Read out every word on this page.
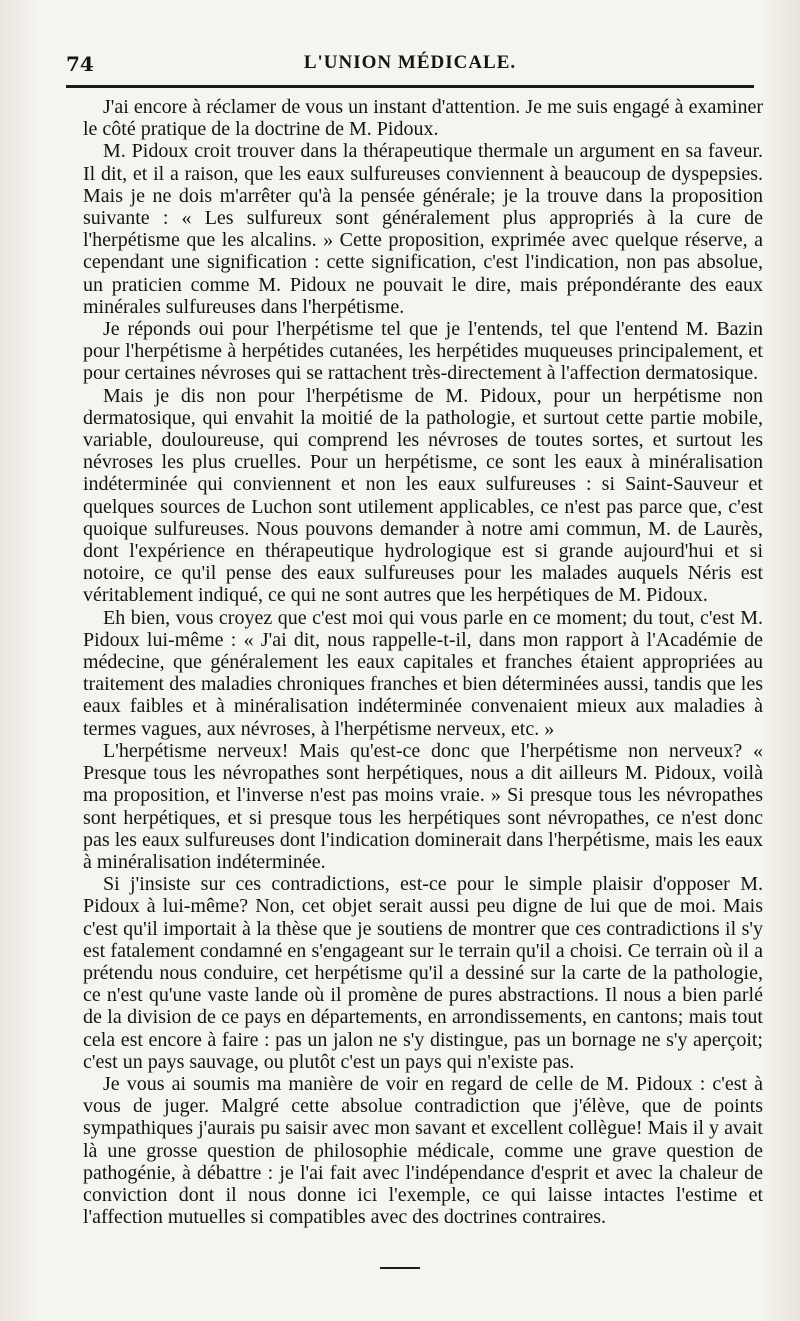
74	L'UNION MÉDICALE.

J'ai encore à réclamer de vous un instant d'attention. Je me suis engagé à examiner le côté pratique de la doctrine de M. Pidoux.

M. Pidoux croit trouver dans la thérapeutique thermale un argument en sa faveur. Il dit, et il a raison, que les eaux sulfureuses conviennent à beaucoup de dyspepsies. Mais je ne dois m'arrêter qu'à la pensée générale; je la trouve dans la proposition suivante : « Les sulfureux sont généralement plus appropriés à la cure de l'herpétisme que les alcalins. » Cette proposition, exprimée avec quelque réserve, a cependant une signification : cette signification, c'est l'indication, non pas absolue, un praticien comme M. Pidoux ne pouvait le dire, mais prépondérante des eaux minérales sulfureuses dans l'herpétisme.

Je réponds oui pour l'herpétisme tel que je l'entends, tel que l'entend M. Bazin pour l'herpétisme à herpétides cutanées, les herpétides muqueuses principalement, et pour certaines névroses qui se rattachent très-directement à l'affection dermatosique.

Mais je dis non pour l'herpétisme de M. Pidoux, pour un herpétisme non dermatosique, qui envahit la moitié de la pathologie, et surtout cette partie mobile, variable, douloureuse, qui comprend les névroses de toutes sortes, et surtout les névroses les plus cruelles. Pour un herpétisme, ce sont les eaux à minéralisation indéterminée qui conviennent et non les eaux sulfureuses : si Saint-Sauveur et quelques sources de Luchon sont utilement applicables, ce n'est pas parce que, c'est quoique sulfureuses. Nous pouvons demander à notre ami commun, M. de Laurès, dont l'expérience en thérapeutique hydrologique est si grande aujourd'hui et si notoire, ce qu'il pense des eaux sulfureuses pour les malades auquels Néris est véritablement indiqué, ce qui ne sont autres que les herpétiques de M. Pidoux.

Eh bien, vous croyez que c'est moi qui vous parle en ce moment; du tout, c'est M. Pidoux lui-même : « J'ai dit, nous rappelle-t-il, dans mon rapport à l'Académie de médecine, que généralement les eaux capitales et franches étaient appropriées au traitement des maladies chroniques franches et bien déterminées aussi, tandis que les eaux faibles et à minéralisation indéterminée convenaient mieux aux maladies à termes vagues, aux névroses, à l'herpétisme nerveux, etc. »

L'herpétisme nerveux! Mais qu'est-ce donc que l'herpétisme non nerveux? « Presque tous les névropathes sont herpétiques, nous a dit ailleurs M. Pidoux, voilà ma proposition, et l'inverse n'est pas moins vraie. » Si presque tous les névropathes sont herpétiques, et si presque tous les herpétiques sont névropathes, ce n'est donc pas les eaux sulfureuses dont l'indication dominerait dans l'herpétisme, mais les eaux à minéralisation indéterminée.

Si j'insiste sur ces contradictions, est-ce pour le simple plaisir d'opposer M. Pidoux à lui-même? Non, cet objet serait aussi peu digne de lui que de moi. Mais c'est qu'il importait à la thèse que je soutiens de montrer que ces contradictions il s'y est fatalement condamné en s'engageant sur le terrain qu'il a choisi. Ce terrain où il a prétendu nous conduire, cet herpétisme qu'il a dessiné sur la carte de la pathologie, ce n'est qu'une vaste lande où il promène de pures abstractions. Il nous a bien parlé de la division de ce pays en départements, en arrondissements, en cantons; mais tout cela est encore à faire : pas un jalon ne s'y distingue, pas un bornage ne s'y aperçoit; c'est un pays sauvage, ou plutôt c'est un pays qui n'existe pas.

Je vous ai soumis ma manière de voir en regard de celle de M. Pidoux : c'est à vous de juger. Malgré cette absolue contradiction que j'élève, que de points sympathiques j'aurais pu saisir avec mon savant et excellent collègue! Mais il y avait là une grosse question de philosophie médicale, comme une grave question de pathogénie, à débattre : je l'ai fait avec l'indépendance d'esprit et avec la chaleur de conviction dont il nous donne ici l'exemple, ce qui laisse intactes l'estime et l'affection mutuelles si compatibles avec des doctrines contraires.
